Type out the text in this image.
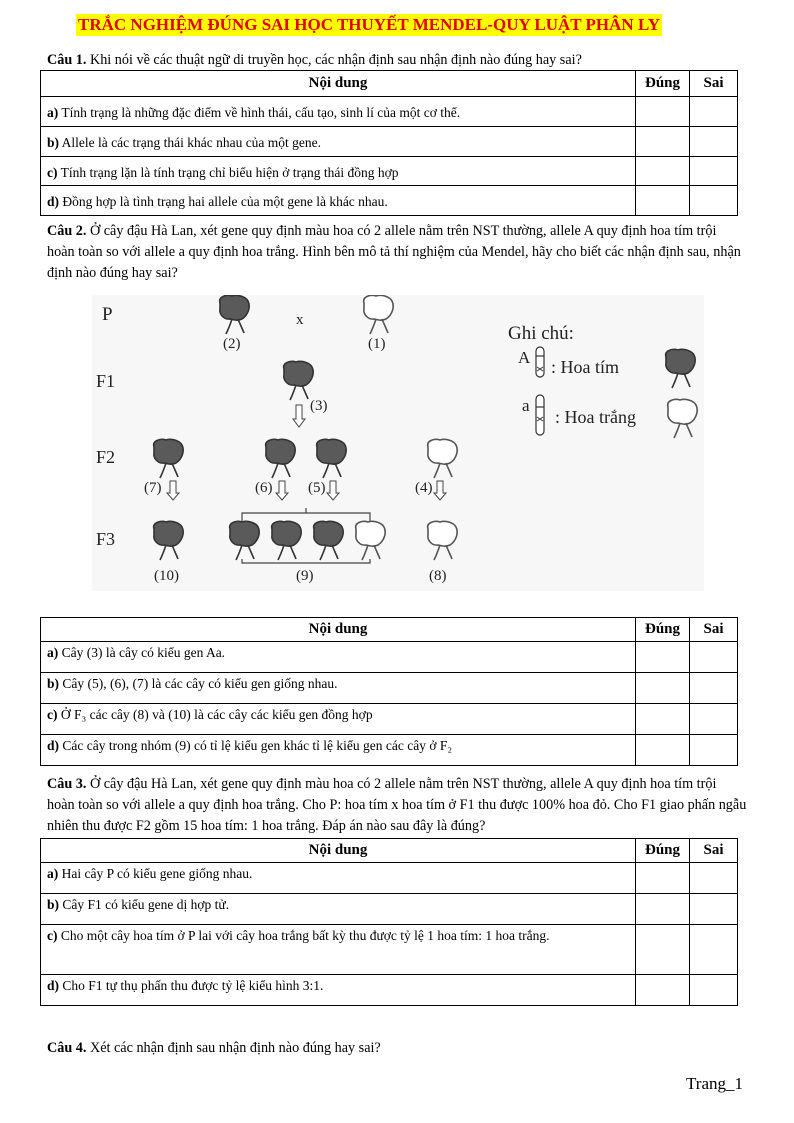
TRẮC NGHIỆM ĐÚNG SAI HỌC THUYẾT MENDEL-QUY LUẬT PHÂN LY
Câu 1. Khi nói về các thuật ngữ di truyền học, các nhận định sau nhận định nào đúng hay sai?
Nội dung	Đúng	Sai
a) Tính trạng là những đặc điểm về hình thái, cấu tạo, sinh lí của một cơ thể.		
b) Allele là các trạng thái khác nhau của một gene.		
c) Tính trạng lặn là tính trạng chỉ biểu hiện ở trạng thái đồng hợp		
d) Đồng hợp là tình trạng hai allele của một gene là khác nhau.		
Câu 2. Ở cây đậu Hà Lan, xét gene quy định màu hoa có 2 allele nằm trên NST thường, allele A quy định hoa tím trội hoàn toàn so với allele a quy định hoa trắng. Hình bên mô tả thí nghiệm của Mendel, hãy cho biết các nhận định sau, nhận định nào đúng hay sai?
P
F1
F2
F3
x
(2)	(1)
(3)
(7)	(6) (5)	(4)
(10)	(9)	(8)
Ghi chú:
A : Hoa tím
a
: Hoa trắng
Nội dung	Đúng	Sai
a) Cây (3) là cây có kiểu gen Aa.		
b) Cây (5), (6), (7) là các cây có kiểu gen giống nhau.		
c) Ở F₃ các cây (8) và (10) là các cây các kiểu gen đồng hợp		
d) Các cây trong nhóm (9) có tỉ lệ kiểu gen khác tỉ lệ kiểu gen các cây ở F₂		
Câu 3. Ở cây đậu Hà Lan, xét gene quy định màu hoa có 2 allele nằm trên NST thường, allele A quy định hoa tím trội hoàn toàn so với allele a quy định hoa trắng. Cho P: hoa tím x hoa tím ở F1 thu được 100% hoa đỏ. Cho F1 giao phấn ngẫu nhiên thu được F2 gồm 15 hoa tím: 1 hoa trắng. Đáp án nào sau đây là đúng?
Nội dung	Đúng	Sai
a) Hai cây P có kiểu gene giống nhau.		
b) Cây F1 có kiểu gene dị hợp tử.		
c) Cho một cây hoa tím ở P lai với cây hoa trắng bất kỳ thu được tỷ lệ 1 hoa tím: 1 hoa trắng.		
d) Cho F1 tự thụ phấn thu được tỷ lệ kiểu hình 3:1.		
Câu 4. Xét các nhận định sau nhận định nào đúng hay sai?
Trang_1
